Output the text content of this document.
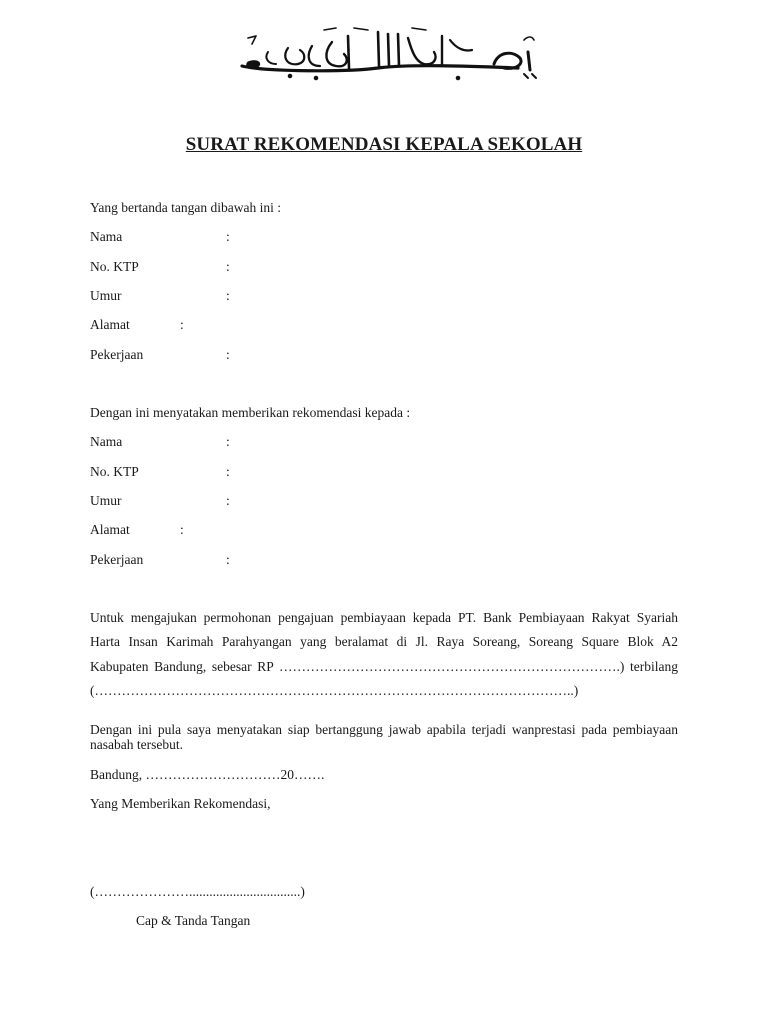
SURAT REKOMENDASI KEPALA SEKOLAH
Yang bertanda tangan dibawah ini :
Nama	:
No. KTP	:
Umur	:
Alamat	:
Pekerjaan	:
Dengan ini menyatakan memberikan rekomendasi kepada :
Nama	:
No. KTP	:
Umur	:
Alamat	:
Pekerjaan	:
Untuk mengajukan permohonan pengajuan pembiayaan kepada PT. Bank Pembiayaan Rakyat Syariah
Harta Insan Karimah Parahyangan yang beralamat di Jl. Raya Soreang, Soreang Square Blok A2
Kabupaten Bandung, sebesar RP ………………………………………………………………….) terbilang
(……………………………………………………………………………………………..)
Dengan ini pula saya menyatakan siap bertanggung jawab apabila terjadi wanprestasi pada pembiayaan
nasabah tersebut.
Bandung, …………………………20…….
Yang Memberikan Rekomendasi,
(………………….................................)
Cap & Tanda Tangan
